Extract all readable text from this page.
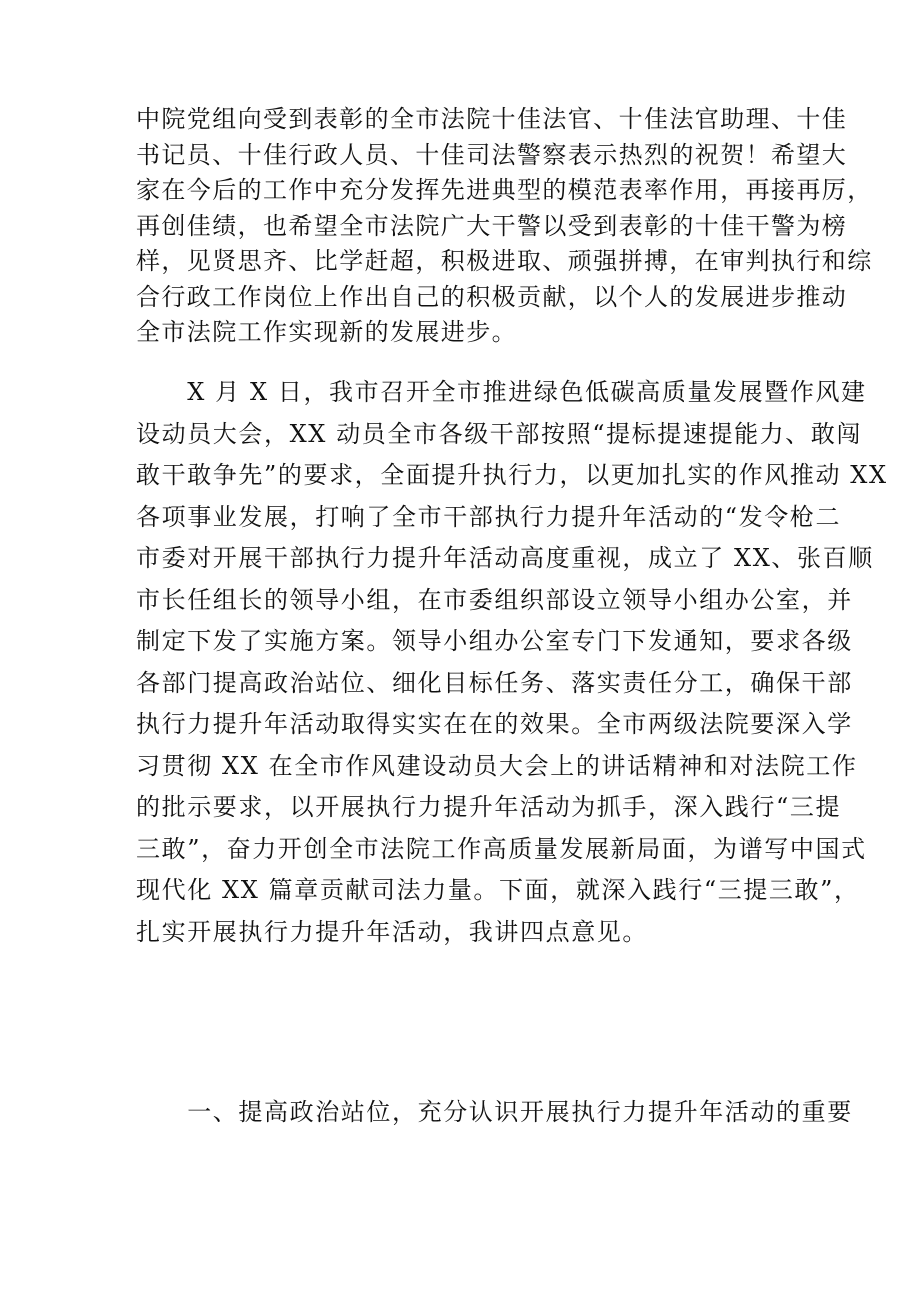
中院党组向受到表彰的全市法院十佳法官、十佳法官助理、十佳
书记员、十佳行政人员、十佳司法警察表示热烈的祝贺！希望大
家在今后的工作中充分发挥先进典型的模范表率作用，再接再厉，
再创佳绩，也希望全市法院广大干警以受到表彰的十佳干警为榜
样，见贤思齐、比学赶超，积极进取、顽强拼搏，在审判执行和综
合行政工作岗位上作出自己的积极贡献，以个人的发展进步推动
全市法院工作实现新的发展进步。
　　X 月 X 日，我市召开全市推进绿色低碳高质量发展暨作风建
设动员大会，XX 动员全市各级干部按照“提标提速提能力、敢闯
敢干敢争先”的要求，全面提升执行力，以更加扎实的作风推动 XX
各项事业发展，打响了全市干部执行力提升年活动的“发令枪二
市委对开展干部执行力提升年活动高度重视，成立了 XX、张百顺
市长任组长的领导小组，在市委组织部设立领导小组办公室，并
制定下发了实施方案。领导小组办公室专门下发通知，要求各级
各部门提高政治站位、细化目标任务、落实责任分工，确保干部
执行力提升年活动取得实实在在的效果。全市两级法院要深入学
习贯彻 XX 在全市作风建设动员大会上的讲话精神和对法院工作
的批示要求，以开展执行力提升年活动为抓手，深入践行“三提
三敢”，奋力开创全市法院工作高质量发展新局面，为谱写中国式
现代化 XX 篇章贡献司法力量。下面，就深入践行“三提三敢”，
扎实开展执行力提升年活动，我讲四点意见。
　　一、提高政治站位，充分认识开展执行力提升年活动的重要
